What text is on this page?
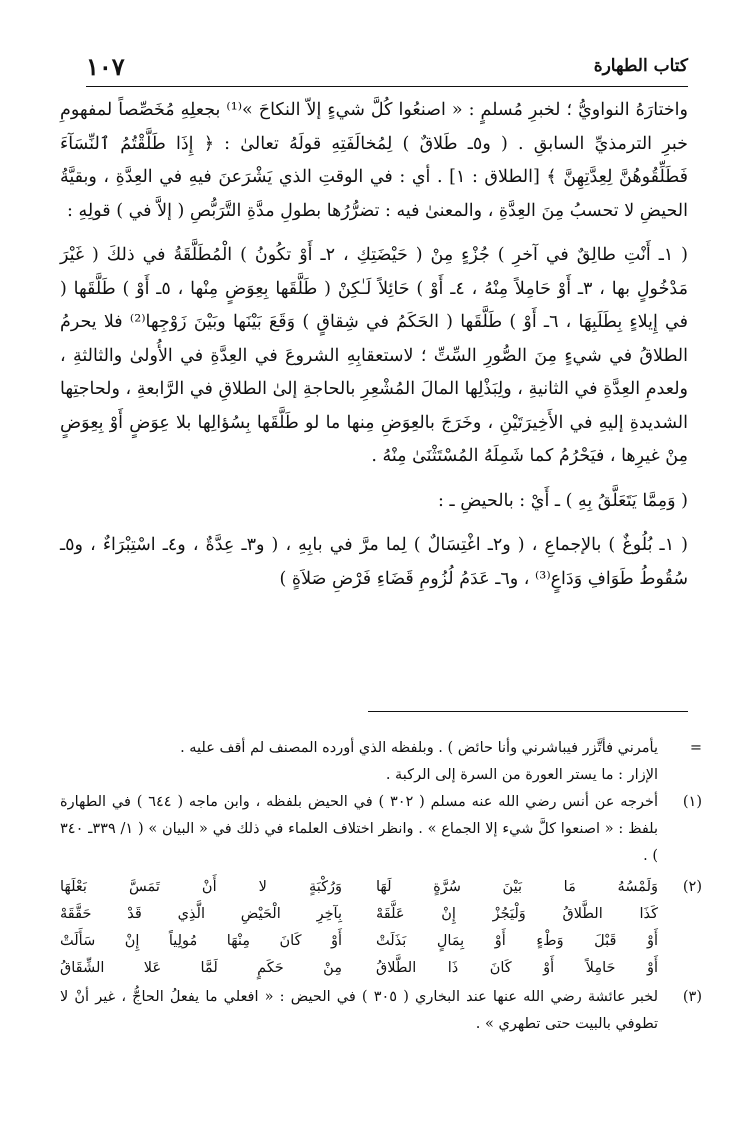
كتاب الطهارة
١٠٧

واختارَهُ النواويُّ ؛ لخبرِ مُسلمٍ : « اصنعُوا كُلَّ شيءٍ إلاّ النكاحَ »⁽¹⁾ بجعلِهِ مُخَصِّصاً لمفهومِ خبرِ الترمذيِّ السابقِ . ( و٥ـ طَلاقٌ ) لِمُخالَفَتِهِ قولَهُ تعالىٰ : ﴿ إِذَا طَلَّقْتُمُ ٱلنِّسَآءَ فَطَلِّقُوهُنَّ لِعِدَّتِهِنَّ ﴾ [الطلاق : ١] . أي : في الوقتِ الذي يَشْرَعنَ فيهِ في العِدَّةِ ، وبقيَّةُ الحيضِ لا تحسبُ مِنَ العِدَّةِ ، والمعنىٰ فيه : تضرُّرُها بطولِ مدَّةِ التَّرَبُّصِ ( إلاَّ في ) قولِهِ :

( ١ـ أَنْتِ طالِقٌ في آخرِ ) جُزْءٍ مِنْ ( حَيْضَتِكِ ، ٢ـ أَوْ تكُونُ ) الْمُطَلَّقَةُ في ذلكَ ( غَيْرَ مَدْخُولٍ بها ، ٣ـ أَوْ حَامِلاً مِنْهُ ، ٤ـ أَوْ ) حَائِلاً لَـٰكِنْ ( طَلَّقَها بِعِوَضٍ مِنْها ، ٥ـ أَوْ ) طَلَّقَها ( في إِيلاءٍ بِطَلَبِهَا ، ٦ـ أَوْ ) طَلَّقَها ( الحَكَمُ في شِقاقٍ ) وَقَعَ بَيْنَها وبَيْنَ زَوْجِها⁽²⁾ فلا يحرمُ الطلاقُ في شيءٍ مِنَ الصُّورِ السِّتِّ ؛ لاستعقابِهِ الشروعَ في العِدَّةِ في الأُولىٰ والثالثةِ ، ولعدمِ العِدَّةِ في الثانيةِ ، ولِبَذْلِها المالَ المُشْعِرِ بالحاجةِ إلىٰ الطلاقِ في الرَّابعةِ ، ولحاجتِها الشديدةِ إليهِ في الأَخِيرَتَيْنِ ، وخَرَجَ بالعِوَضِ مِنها ما لو طَلَّقَها بِسُؤالِها بلا عِوَضٍ أَوْ بِعِوَضٍ مِنْ غيرِها ، فيَحْرُمُ كما شَمِلَهُ المُسْتَثْنَىٰ مِنْهُ .

( وَمِمَّا يَتَعَلَّقُ بِهِ ) ـ أَيْ : بالحيضِ ـ :

( ١ـ بُلُوغٌ ) بالإجماعِ ، ( و٢ـ اغْتِسَالٌ ) لِما مرَّ في بابِهِ ، ( و٣ـ عِدَّةٌ ، و٤ـ اسْتِبْرَاءٌ ، و٥ـ سُقُوطُ طَوَافِ وَدَاعٍ⁽³⁾ ، و٦ـ عَدَمُ لُزُومِ قَضَاءِ فَرْضِ صَلاَةٍ )

=
يأمرني فأتَّزر فيباشرني وأنا حائض ) . وبلفظه الذي أورده المصنف لم أقف عليه .
الإزار : ما يستر العورة من السرة إلى الركبة .
(١)
أخرجه عن أنس رضي الله عنه مسلم ( ٣٠٢ ) في الحيض بلفظه ، وابن ماجه ( ٦٤٤ ) في الطهارة بلفظ : « اصنعوا كلَّ شيء إلا الجماع » . وانظر اختلاف العلماء في ذلك في « البيان » ( ١/ ٣٣٩ـ ٣٤٠ ) .
(٢)
وَلَمْسُهُ مَا بَيْنَ سُرَّةٍ لَهَا
وَرُكْبَةٍ لا أَنْ تَمَسَّ بَعْلَهَا
كَذَا الطَّلاقُ وَلْيَجُزْ إِنْ عَلَّقَهْ
بِآخِرِ الْحَيْضِ الَّذِي قَدْ حَقَّقَهْ
أَوْ قَبْلَ وَطْءٍ أَوْ بِمَالٍ بَذَلَتْ
أَوْ كَانَ مِنْهَا مُولِياً إِنْ سَأَلَتْ
أَوْ حَامِلاً أَوْ كَانَ ذَا الطَّلاقُ
مِنْ حَكَمٍ لَمَّا عَلا الشِّقَاقُ
(٣)
لخبر عائشة رضي الله عنها عند البخاري ( ٣٠٥ ) في الحيض : « افعلي ما يفعلُ الحاجُّ ، غير أنْ لا تطوفي بالبيت حتى تطهري » .
